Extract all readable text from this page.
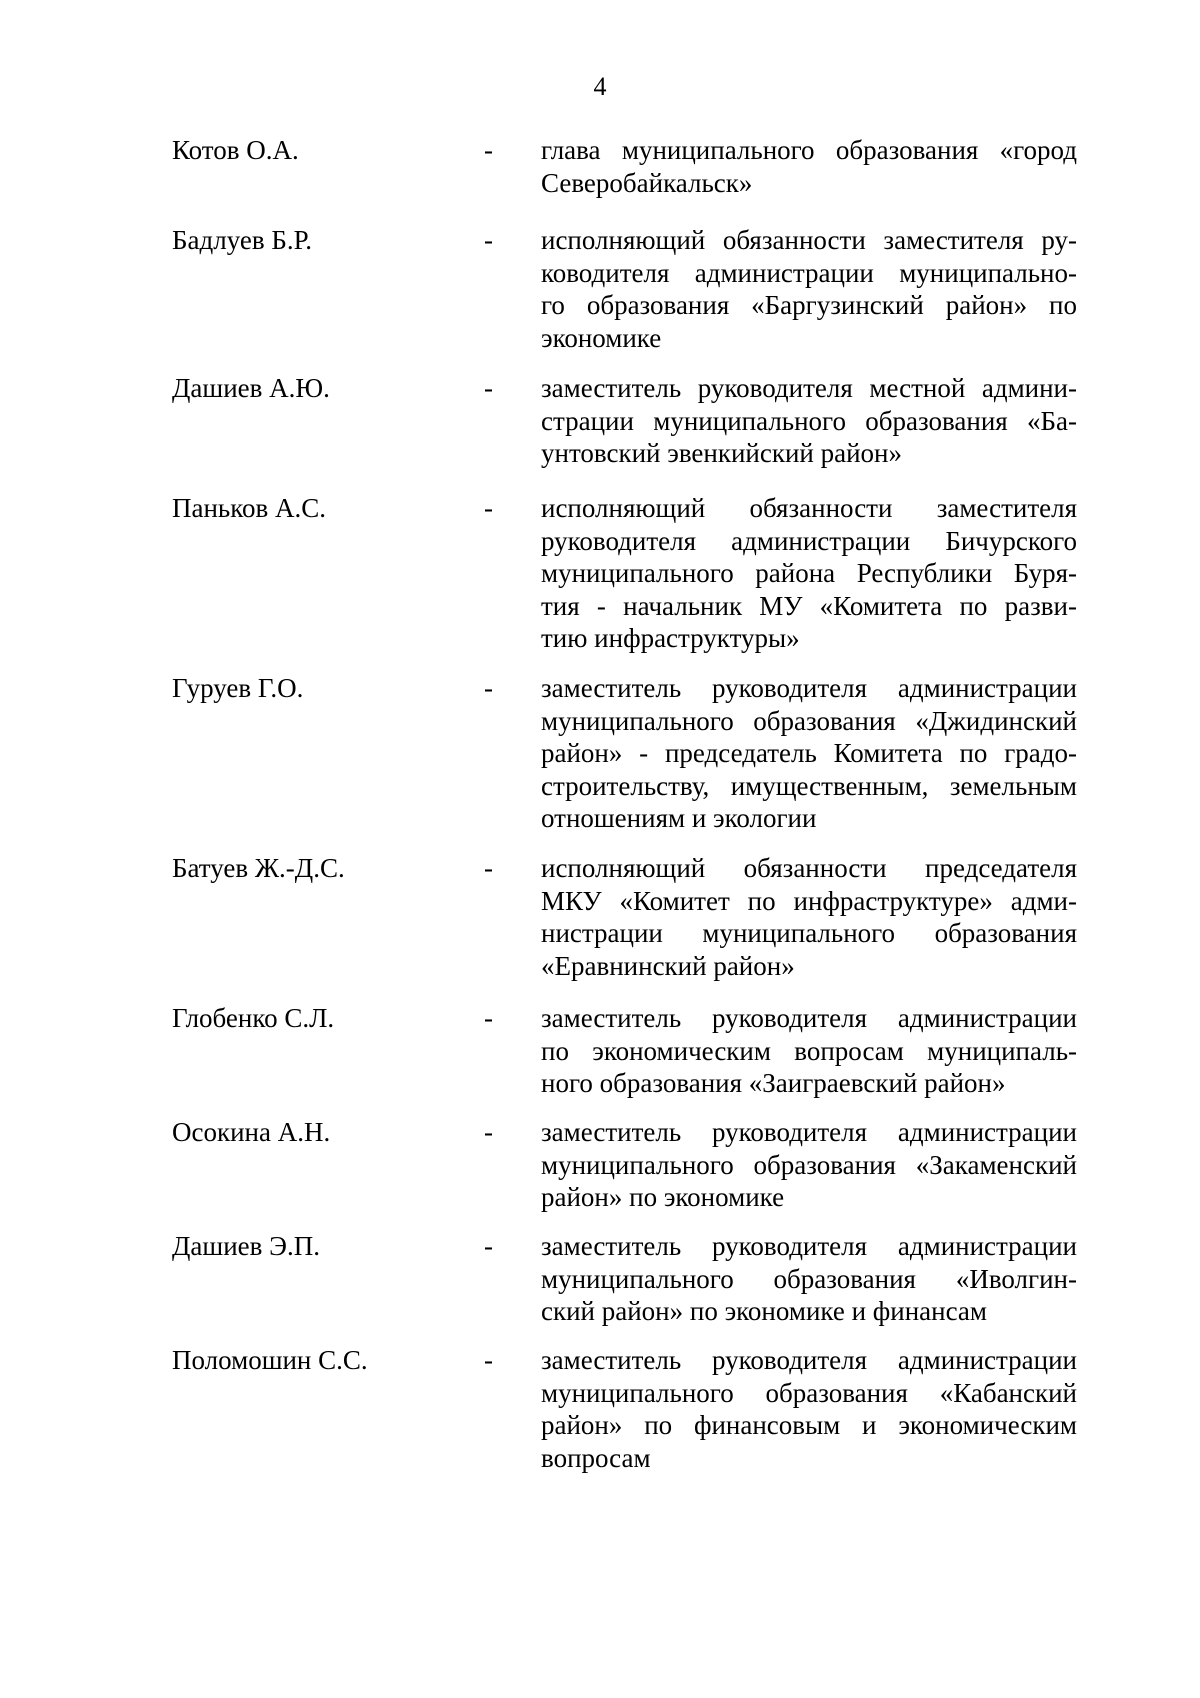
4
Котов О.А.	- глава муниципального образования «город
Северобайкальск»
Бадлуев Б.Р.	- исполняющий обязанности заместителя ру-
ководителя администрации муниципально-
го образования «Баргузинский район» по
экономике
Дашиев А.Ю.	- заместитель руководителя местной админи-
страции муниципального образования «Ба-
унтовский эвенкийский район»
Паньков А.С.	- исполняющий обязанности заместителя
руководителя администрации Бичурского
муниципального района Республики Буря-
тия - начальник МУ «Комитета по разви-
тию инфраструктуры»
Гуруев Г.О.	- заместитель руководителя администрации
муниципального образования «Джидинский
район» - председатель Комитета по градо-
строительству, имущественным, земельным
отношениям и экологии
Батуев Ж.-Д.С.	- исполняющий обязанности председателя
МКУ «Комитет по инфраструктуре» адми-
нистрации муниципального образования
«Еравнинский район»
Глобенко С.Л.	- заместитель руководителя администрации
по экономическим вопросам муниципаль-
ного образования «Заиграевский район»
Осокина А.Н.	- заместитель руководителя администрации
муниципального образования «Закаменский
район» по экономике
Дашиев Э.П.	- заместитель руководителя администрации
муниципального образования «Иволгин-
ский район» по экономике и финансам
Поломошин С.С.	- заместитель руководителя администрации
муниципального образования «Кабанский
район» по финансовым и экономическим
вопросам
